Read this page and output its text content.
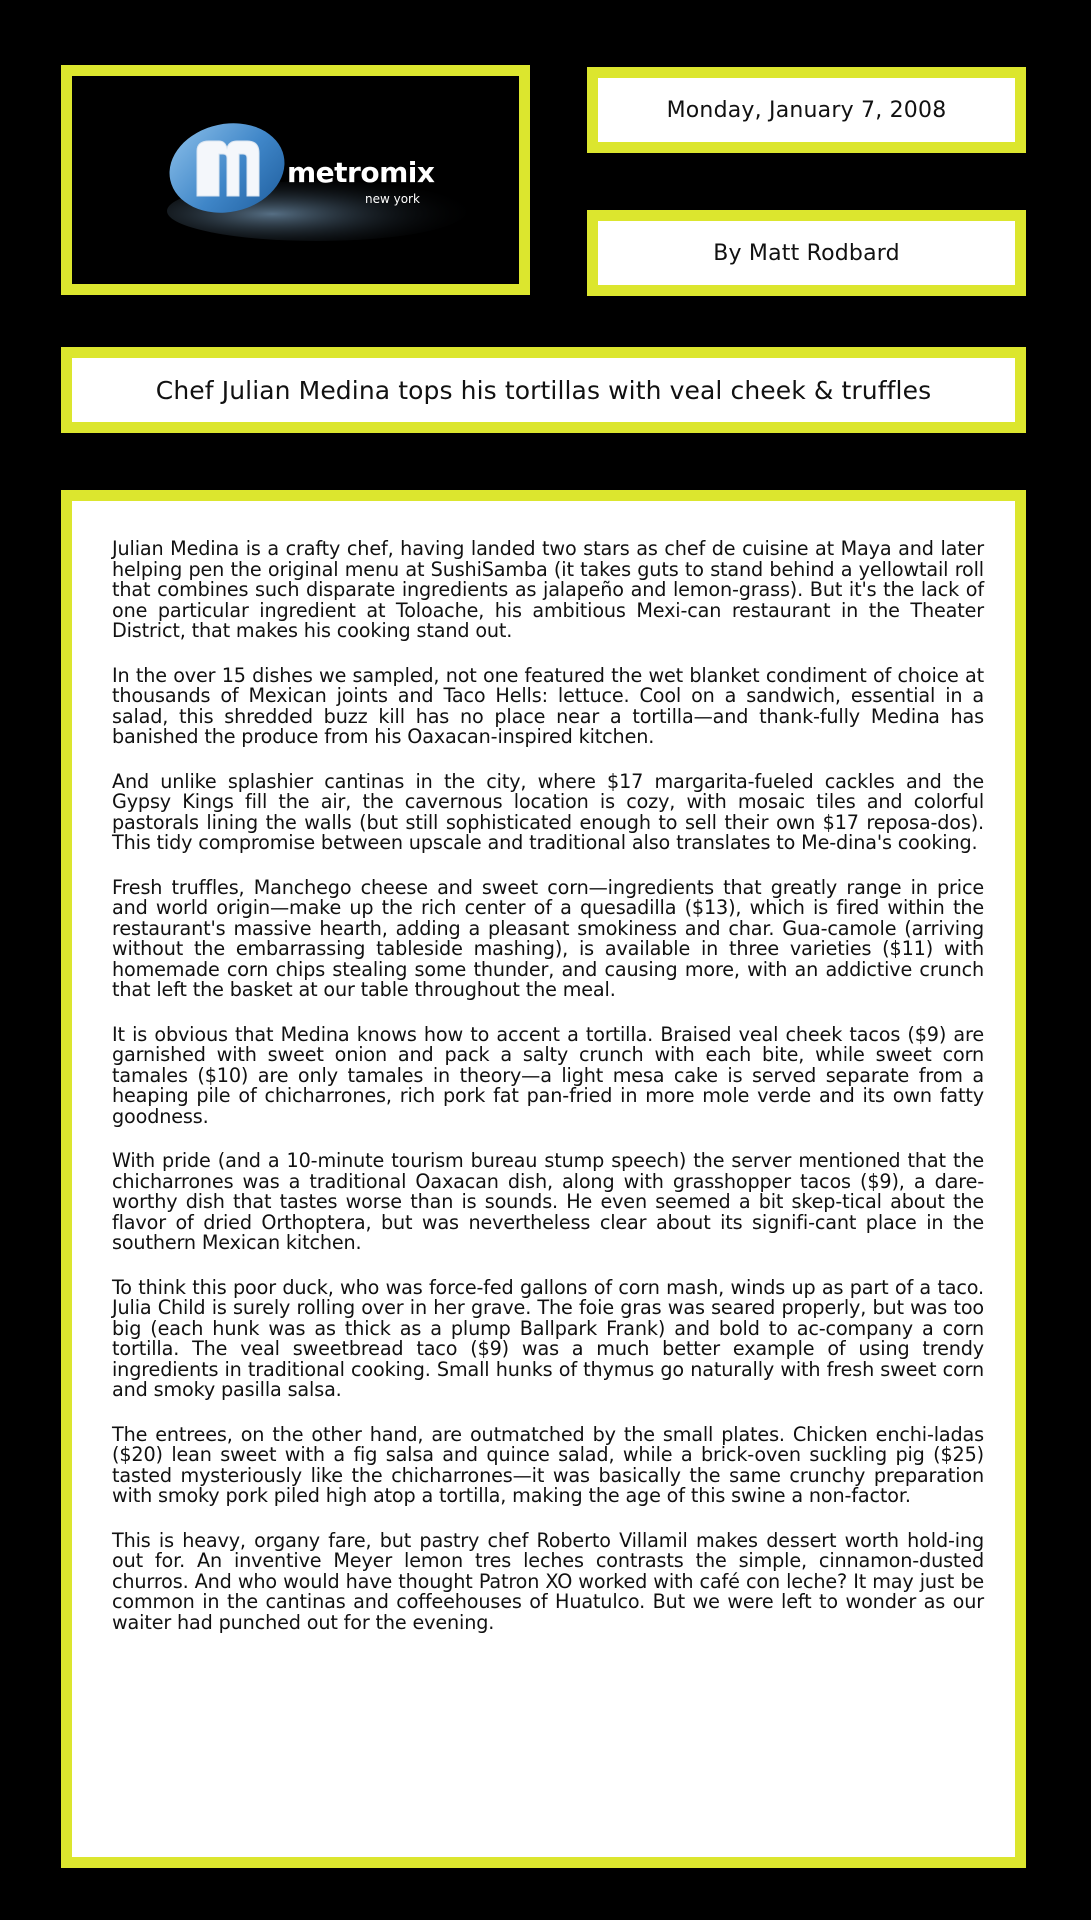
metromix
new york
Monday, January 7, 2008
By Matt Rodbard
Chef Julian Medina tops his tortillas with veal cheek & truffles

Julian Medina is a crafty chef, having landed two stars as chef de cuisine at Maya and later helping pen the original menu at SushiSamba (it takes guts to stand behind a yellowtail roll that combines such disparate ingredients as jalapeño and lemon-grass). But it's the lack of one particular ingredient at Toloache, his ambitious Mexi-can restaurant in the Theater District, that makes his cooking stand out.

In the over 15 dishes we sampled, not one featured the wet blanket condiment of choice at thousands of Mexican joints and Taco Hells: lettuce. Cool on a sandwich, essential in a salad, this shredded buzz kill has no place near a tortilla—and thank-fully Medina has banished the produce from his Oaxacan-inspired kitchen.

And unlike splashier cantinas in the city, where $17 margarita-fueled cackles and the Gypsy Kings fill the air, the cavernous location is cozy, with mosaic tiles and colorful pastorals lining the walls (but still sophisticated enough to sell their own $17 reposa-dos). This tidy compromise between upscale and traditional also translates to Me-dina's cooking.

Fresh truffles, Manchego cheese and sweet corn—ingredients that greatly range in price and world origin—make up the rich center of a quesadilla ($13), which is fired within the restaurant's massive hearth, adding a pleasant smokiness and char. Gua-camole (arriving without the embarrassing tableside mashing), is available in three varieties ($11) with homemade corn chips stealing some thunder, and causing more, with an addictive crunch that left the basket at our table throughout the meal.

It is obvious that Medina knows how to accent a tortilla. Braised veal cheek tacos ($9) are garnished with sweet onion and pack a salty crunch with each bite, while sweet corn tamales ($10) are only tamales in theory—a light mesa cake is served separate from a heaping pile of chicharrones, rich pork fat pan-fried in more mole verde and its own fatty goodness.

With pride (and a 10-minute tourism bureau stump speech) the server mentioned that the chicharrones was a traditional Oaxacan dish, along with grasshopper tacos ($9), a dare-worthy dish that tastes worse than is sounds. He even seemed a bit skep-tical about the flavor of dried Orthoptera, but was nevertheless clear about its signifi-cant place in the southern Mexican kitchen.

To think this poor duck, who was force-fed gallons of corn mash, winds up as part of a taco. Julia Child is surely rolling over in her grave. The foie gras was seared properly, but was too big (each hunk was as thick as a plump Ballpark Frank) and bold to ac-company a corn tortilla. The veal sweetbread taco ($9) was a much better example of using trendy ingredients in traditional cooking. Small hunks of thymus go naturally with fresh sweet corn and smoky pasilla salsa.

The entrees, on the other hand, are outmatched by the small plates. Chicken enchi-ladas ($20) lean sweet with a fig salsa and quince salad, while a brick-oven suckling pig ($25) tasted mysteriously like the chicharrones—it was basically the same crunchy preparation with smoky pork piled high atop a tortilla, making the age of this swine a non-factor.

This is heavy, organy fare, but pastry chef Roberto Villamil makes dessert worth hold-ing out for. An inventive Meyer lemon tres leches contrasts the simple, cinnamon-dusted churros. And who would have thought Patron XO worked with café con leche? It may just be common in the cantinas and coffeehouses of Huatulco. But we were left to wonder as our waiter had punched out for the evening.
